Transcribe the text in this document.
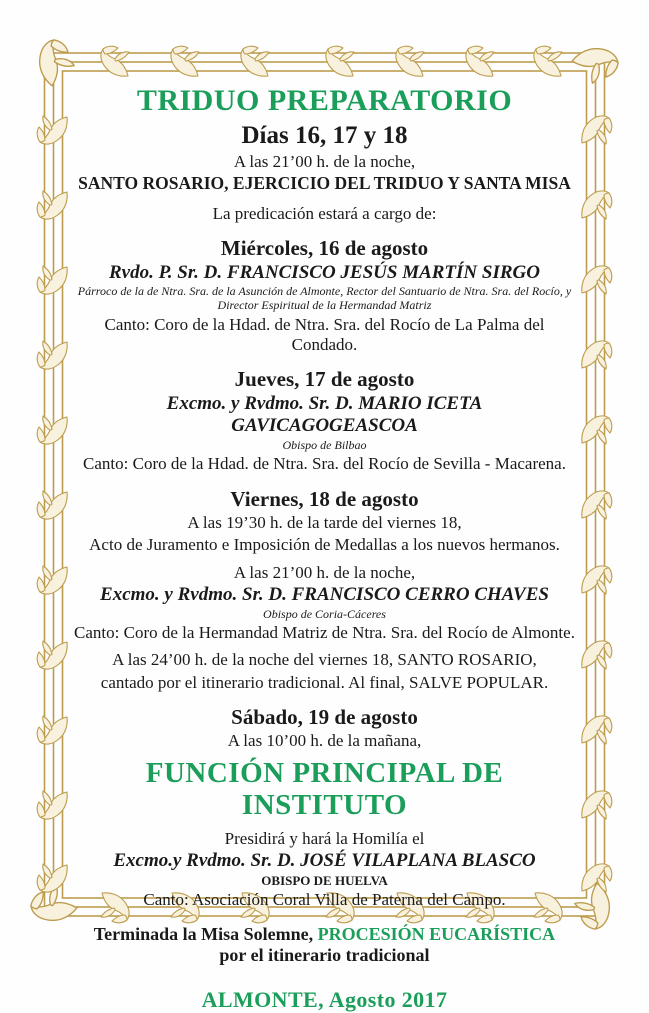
TRIDUO PREPARATORIO

Días 16, 17 y 18

A las 21’00 h. de la noche,

SANTO ROSARIO, EJERCICIO DEL TRIDUO Y SANTA MISA

La predicación estará a cargo de:

Miércoles, 16 de agosto

Rvdo. P. Sr. D. FRANCISCO JESÚS MARTÍN SIRGO

Párroco de la de Ntra. Sra. de la Asunción de Almonte, Rector del Santuario de Ntra. Sra. del Rocío, y

Director Espiritual de la Hermandad Matriz

Canto: Coro de la Hdad. de Ntra. Sra. del Rocío de La Palma del Condado.

Jueves, 17 de agosto

Excmo. y Rvdmo. Sr. D. MARIO ICETA GAVICAGOGEASCOA

Obispo de Bilbao

Canto: Coro de la Hdad. de Ntra. Sra. del Rocío de Sevilla - Macarena.

Viernes, 18 de agosto

A las 19’30 h. de la tarde del viernes 18,

Acto de Juramento e Imposición de Medallas a los nuevos hermanos.

A las 21’00 h. de la noche,

Excmo. y Rvdmo. Sr. D. FRANCISCO CERRO CHAVES

Obispo de Coria-Cáceres

Canto: Coro de la Hermandad Matriz de Ntra. Sra. del Rocío de Almonte.

A las 24’00 h. de la noche del viernes 18, SANTO ROSARIO,

cantado por el itinerario tradicional. Al final, SALVE POPULAR.

Sábado, 19 de agosto

A las 10’00 h. de la mañana,

FUNCIÓN PRINCIPAL DE INSTITUTO

Presidirá y hará la Homilía el

Excmo.y Rvdmo. Sr. D. JOSÉ VILAPLANA BLASCO

OBISPO DE HUELVA

Canto: Asociación Coral Villa de Paterna del Campo.

Terminada la Misa Solemne, PROCESIÓN EUCARÍSTICA

por el itinerario tradicional

ALMONTE, Agosto 2017
